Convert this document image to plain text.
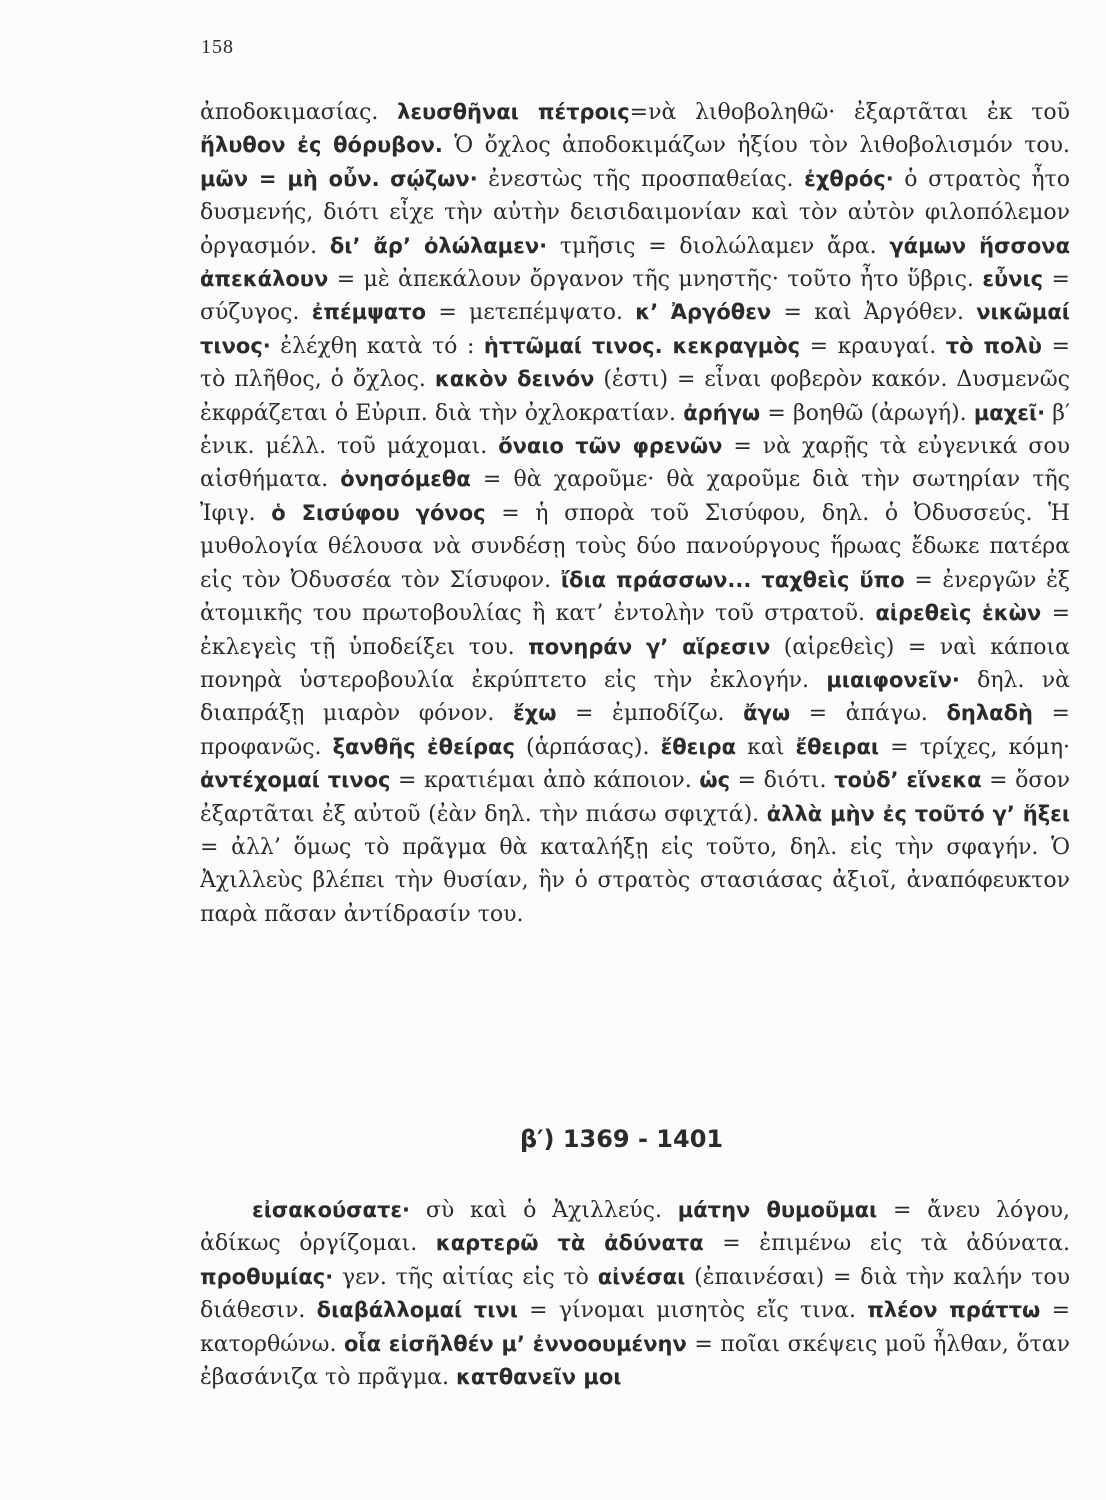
158
ἀποδοκιμασίας. λευσθῆναι πέτροις=νὰ λιθοβοληθῶ· ἐξαρτᾶται ἐκ τοῦ ἤλυθον ἐς θόρυβον. Ὁ ὄχλος ἀποδοκιμάζων ἠξίου τὸν λιθοβολισμόν του. μῶν = μὴ οὖν. σῴζων· ἐνεστὼς τῆς προσπαθείας. ἐχθρός· ὁ στρατὸς ἦτο δυσμενής, διότι εἶχε τὴν αὐτὴν δεισιδαιμονίαν καὶ τὸν αὐτὸν φιλοπόλεμον ὀργασμόν. δι’ ἄρ’ ὀλώλαμεν· τμῆσις = διολώλαμεν ἄρα. γάμων ἥσσονα ἀπεκάλουν = μὲ ἀπεκάλουν ὄργανον τῆς μνηστῆς· τοῦτο ἦτο ὕβρις. εὖνις = σύζυγος. ἐπέμψατο = μετεπέμψατο. κ’ Ἀργόθεν = καὶ Ἀργόθεν. νικῶμαί τινος· ἐλέχθη κατὰ τό : ἡττῶμαί τινος. κεκραγμὸς = κραυγαί. τὸ πολὺ = τὸ πλῆθος, ὁ ὄχλος. κακὸν δεινόν (ἐστι) = εἶναι φοβερὸν κακόν. Δυσμενῶς ἐκφράζεται ὁ Εὐριπ. διὰ τὴν ὀχλοκρατίαν. ἀρήγω = βοηθῶ (ἀρωγή). μαχεῖ· β′ ἑνικ. μέλλ. τοῦ μάχομαι. ὄναιο τῶν φρενῶν = νὰ χαρῇς τὰ εὐγενικά σου αἰσθήματα. ὀνησόμεθα = θὰ χαροῦμε· θὰ χαροῦμε διὰ τὴν σωτηρίαν τῆς Ἰφιγ. ὁ Σισύφου γόνος = ἡ σπορὰ τοῦ Σισύφου, δηλ. ὁ Ὀδυσσεύς. Ἡ μυθολογία θέλουσα νὰ συνδέσῃ τοὺς δύο πανούργους ἥρωας ἔδωκε πατέρα εἰς τὸν Ὀδυσσέα τὸν Σίσυφον. ἴδια πράσσων... ταχθεὶς ὕπο = ἐνεργῶν ἐξ ἀτομικῆς του πρωτοβουλίας ἢ κατ’ ἐντολὴν τοῦ στρατοῦ. αἱρεθεὶς ἑκὼν = ἐκλεγεὶς τῇ ὑποδείξει του. πονηράν γ’ αἵρεσιν (αἱρεθεὶς) = ναὶ κάποια πονηρὰ ὑστεροβουλία ἐκρύπτετο εἰς τὴν ἐκλογήν. μιαιφονεῖν· δηλ. νὰ διαπράξῃ μιαρὸν φόνον. ἔχω = ἐμποδίζω. ἄγω = ἀπάγω. δηλαδὴ = προφανῶς. ξανθῆς ἐθείρας (ἁρπάσας). ἔθειρα καὶ ἔθειραι = τρίχες, κόμη· ἀντέχομαί τινος = κρατιέμαι ἀπὸ κάποιον. ὡς = διότι. τοὐδ’ εἵνεκα = ὅσον ἐξαρτᾶται ἐξ αὐτοῦ (ἐὰν δηλ. τὴν πιάσω σφιχτά). ἀλλὰ μὴν ἐς τοῦτό γ’ ἥξει = ἀλλ’ ὅμως τὸ πρᾶγμα θὰ καταλήξῃ εἰς τοῦτο, δηλ. εἰς τὴν σφαγήν. Ὁ Ἀχιλλεὺς βλέπει τὴν θυσίαν, ἣν ὁ στρατὸς στασιάσας ἀξιοῖ, ἀναπόφευκτον παρὰ πᾶσαν ἀντίδρασίν του.
β′) 1369 - 1401
εἰσακούσατε· σὺ καὶ ὁ Ἀχιλλεύς. μάτην θυμοῦμαι = ἄνευ λόγου, ἀδίκως ὀργίζομαι. καρτερῶ τὰ ἀδύνατα = ἐπιμένω εἰς τὰ ἀδύνατα. προθυμίας· γεν. τῆς αἰτίας εἰς τὸ αἰνέσαι (ἐπαινέσαι) = διὰ τὴν καλήν του διάθεσιν. διαβάλλομαί τινι = γίνομαι μισητὸς εἴς τινα. πλέον πράττω = κατορθώνω. οἷα εἰσῆλθέν μ’ ἐννοουμένην = ποῖαι σκέψεις μοῦ ἦλθαν, ὅταν ἐβασάνιζα τὸ πρᾶγμα. κατθανεῖν μοι
